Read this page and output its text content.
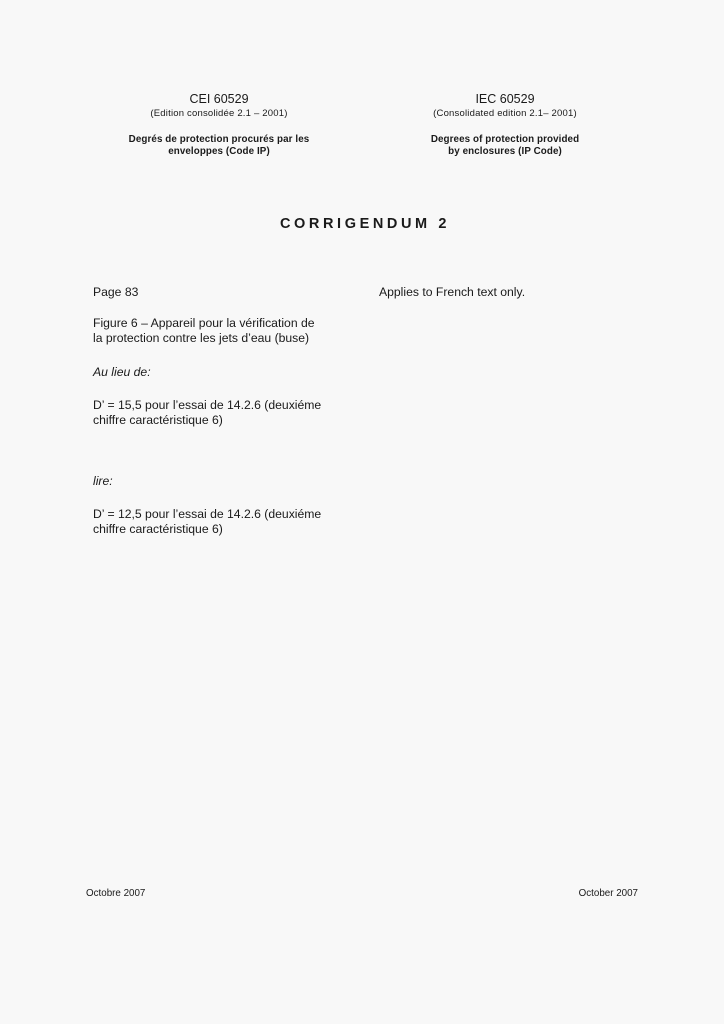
CEI 60529
(Edition consolidée 2.1 – 2001)
Degrés de protection procurés par les
enveloppes (Code IP)
IEC 60529
(Consolidated edition 2.1– 2001)
Degrees of protection provided
by enclosures (IP Code)
CORRIGENDUM 2

Page 83

Figure 6 – Appareil pour la vérification de
la protection contre les jets d’eau (buse)

Au lieu de:

D’ = 15,5 pour l’essai de 14.2.6 (deuxiéme
chiffre caractéristique 6)

lire:

D’ = 12,5 pour l’essai de 14.2.6 (deuxiéme
chiffre caractéristique 6)

Applies to French text only.

Octobre 2007	October 2007
